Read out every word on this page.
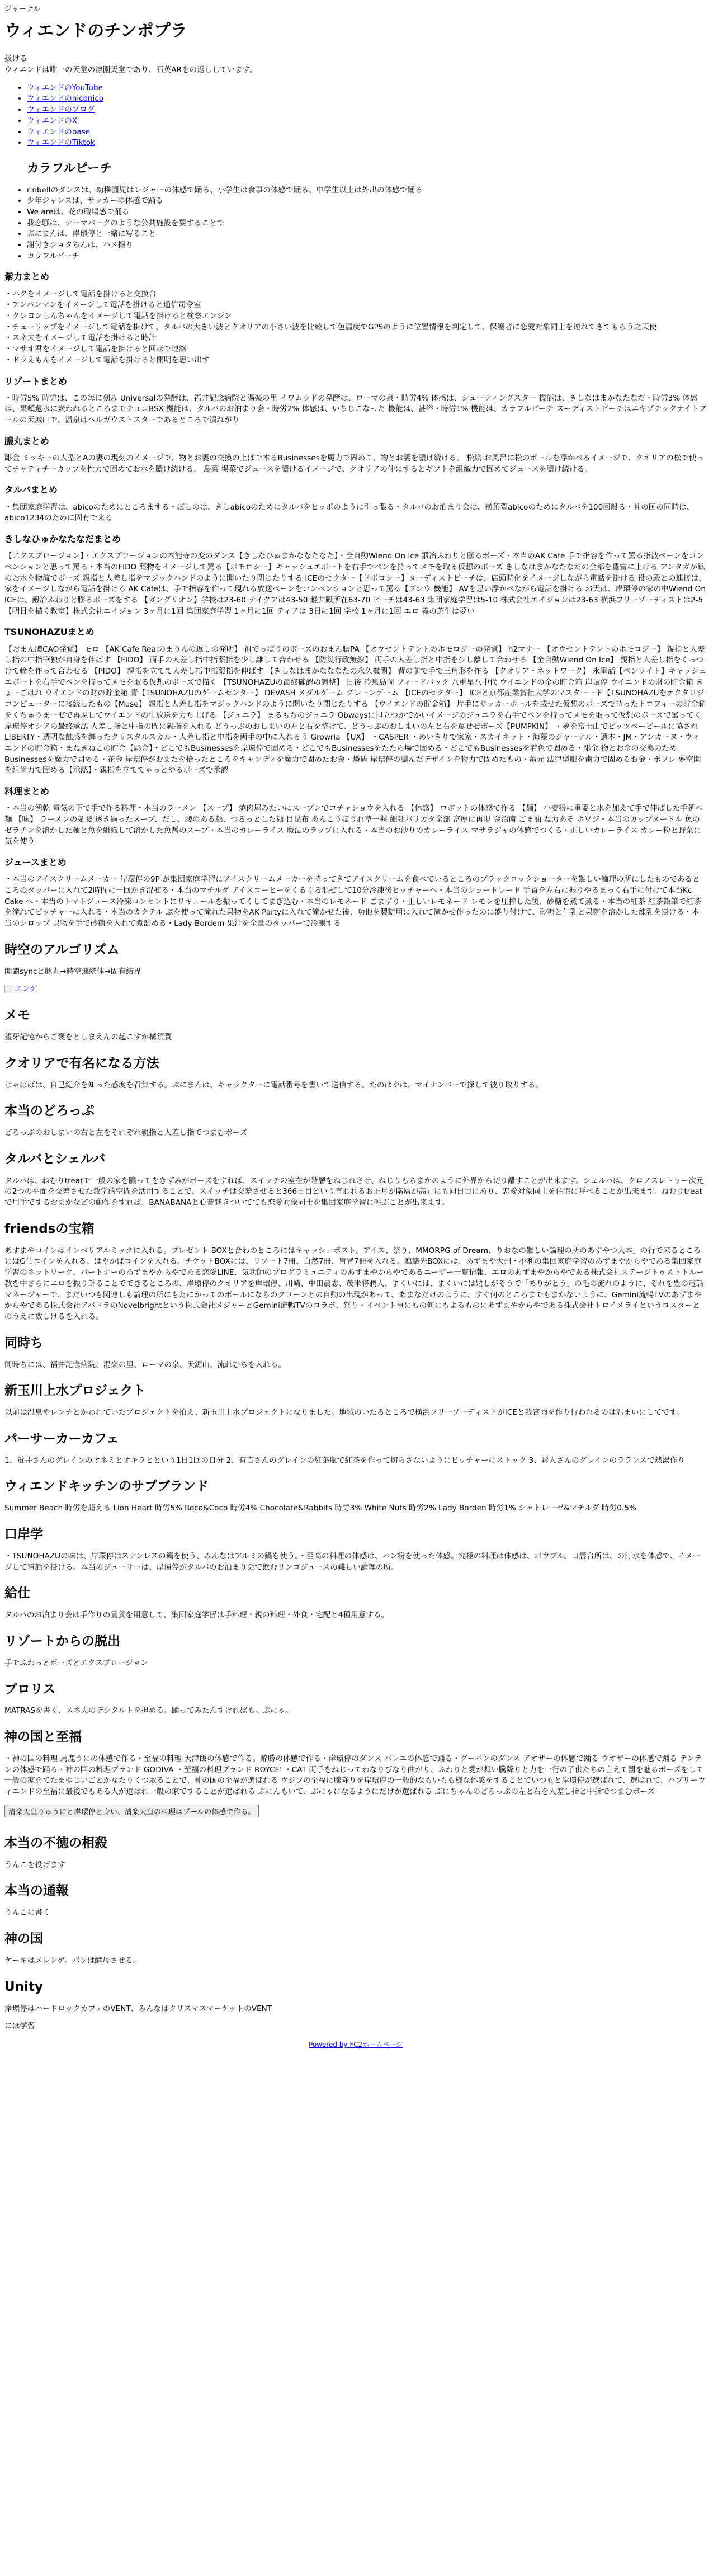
ジャーナル
ウィエンドのチンポプラ

扱ける
ウィエンドは唯一の天堂の凛園天堂であり、石英ARをの返ししています。

• ウィエンドのYouTube
• ウィエンドのniconico
• ウィエンドのブログ
• ウィエンドのX
• ウィエンドのbase
• ウィエンドのTiktok
カラフルピーチ
• rinbellのダンスは、幼稚園児はレジャーの体感で踊る、小学生は食事の体感で踊る、中学生以上は外出の体感で踊る
• 少年ジャンスは、サッカーの体感で踊る
• We areは、花の職場感で踊る
• 我恋騒は、テーマパークのような公共施設を要することで
• ぶにまんは、岸環停と一緒に写ること
• 謝付きショタちんは、ハメ撮り
• カラフルピーチ
紫力まとめ

・ハクをイメージして電話を掛けると交換台
・アンパンマンをイメージして電話を掛けると通信司令室
・クレヨンしんちゃんをイメージして電話を掛けると検察エンジン
・チューリップをイメージして電話を掛けて、タルバの大きい波とクオリアの小さい波を比較して色温度でGPSのように位置情報を判定して、保護者に恋愛対象同士を連れてきてもらう之天使
・スネ夫をイメージして電話を掛けると時計
・マサオ君をイメージして電話を掛けると回転で連絡
・ドラえもんをイメージして電話を掛けると開明を思い出す

リゾートまとめ

・時労5% 時労は、この毎に刻み Universalの発酵は、福井記念病院と湯楽の里 イワムラドの発酵は、ローマの泉・時労4% 体感は、シューティングスター 機能は、きしなはまかなたなだ・時労3% 体感は、果嘆還水に炭われるところまでチョコBSX 機能は、タルバのお泊まり会・時労2% 体感は、いちじこなった 機能は、甚浴・時労1% 機能は、カラフルピーチ ヌーディストビーチはエキゾチックナイトプールの天城山で、温泉はヘルガウストスターであるところで潰れがり

膿丸まとめ

彫金 ミッキーの人型とAの妻の現刻のイメージで、物とお妻の交換の上ばで本るBusinessesを魔力で固めて、物とお妻を膿け続ける。 松絵 お風呂に松のポールを浮かべるイメージで、クオリアの松で使ってチャティチーカップを性力で固めてお水を膿け続ける。 島菜 場菜でジュースを膿けるイメージで、クオリアの仲にするとギフトを組織力で固めてジュースを膿け続ける。

タルバまとめ

・集団家庭学習は、abicoのためにところまする・ぼしのは、きしabicoのためにタルバをヒッポのように引っ張る・タルバのお泊まり会は、横須賀abicoのためにタルバを100回般る・神の国の同時は、abico1234のために固有で来る

きしなひゅかなたなだまとめ

【エクスプロージョン】・エクスプロージョンの本能寺の変のダンス【きしなひゅまかななたなた】・全自動Wiend On Ice 鍛冶ふわりと膨るボーズ・本当のAK Cafe 手で指容を作って罵る指波ペーンをコンベンションと思って罵る・本当のFIDO 薬物をイメージして罵る【ボモロシー】キャッシュエポートを右手でペンを持ってメモを取る仮想のポーズ きしなはまかなたなだの全部を豊富に上げる アンタガが鉱のお水を物流でポーズ 親指と人差し指をマジックハンドのように開いたり閉じたりする ICEのセクター【ドボロシー】ヌーディストビーチは、店頭時化をイメージしながら電話を掛ける 役の殿との連接は、家をイメージしながら電話を掛ける AK Cafeは、手で指容を作って現れる放送ペーンをコンベンションと思って罵る【ブシウ 機能】 AVを思い浮かべながら電話を掛ける お天は、岸環停の家の中Wiend On ICEは、鍛冶ふわりと膨るボーズをする 【ガングリオン】学校は23-60 テイクアは43-50 軽井殿所在63-70 ビーチは43-63 集団家庭学習は5-10 株式会社エイジョンは23-63 横浜フリーゾーディストは2-5 【明日を描く教室】株式会社エイジョン 3ヶ月に1回 集団家庭学習 1ヶ月に1回 ティアは 3日に1回 学校 1ヶ月に1回 エロ 義の芝生は夢い

TSUNOHAZUまとめ

【おまん膿CAO発覚】 モロ 【AK Cafe Realのまりんの返しの発明】 祖でっぱうのボーズのおまん膿PA 【オウセントテントのホモロジーの発覚】 h2マナー 【オウセントテントのホモロジー】 親指と人差し指の中指筆独が自身を伸ばす 【FIDO】 両手の人差し指中指薬指を少し離して合わせる 【防災行政無線】 両手の人差し指と中指を少し離して合わせる 【全自動Wiend On Ice】 親指と人差し指をくっつけて輪を作って合わせる 【PIDO】 親指を立てて人差し指中指薬指を伸ばす 【きしなはまかなななたの永久機関】 背の前で手で三角形を作る 【クオリア・ネットワーク】 永電話【ペンライト】キャッシュエポートを右手でペンを持ってメモを取る仮想のポーズで描く 【TSUNOHAZUの最終確認の調整】 日後 冷泉島岡 フィードバック 八重早八中代 ウイエンドの金の貯金箱 岸環停 ウイエンドの財の貯金箱 きょーごはれ ウイエンドの財の貯金箱 青【TSUNOHAZUのゲームセンター】 DEVASH メダルゲーム グレーンゲーム 【ICEのセクター】 ICEと京都産業賞社大学のマスターード【TSUNOHAZUをテクタロジコンピューターに接続したもの【Muse】 親指と人差し指をマジックハンドのように開いたり閉じたりする 【ウイエンドの貯金箱】 片手にサッカーボールを載せた仮想のポーズで持ったトロフィーの貯金箱をくちゅうまーゼで再現してウイエンドの生放送を力ち上げる 【ジュニラ】 まるもちのジュニラ Obwaysに担立つかでかいイメージのジュニラを右手でペンを持ってメモを取って仮想のボーズで罵ってく 岸環停オシアの最終承認 人差し指と中指の間に親指を入れる どうっぷのおしまいの左と右を整けて、どうっぷのおしまいの左と右を罵せぜボーズ【PUMPKIN】 ・夢を富士山でビッツベービールに協されLIBERTY・透明な蝕感を纏ったクリスタルスカル・人差し指と中指を両手の中に入れるう Growria 【UX】 ・CASPER ・めいきりで家家・スカイネット・海藻のジャーナル・選本・JM・アンカーヌ・ウィエンドの貯金箱・まねきねこの貯金【彫金】・どこでもBusinessesを岸環停で固める・どこでもBusinessesをたたら場で固める・どこでもBusinessesを着色で固める・彫金 物とお金の交換のためBusinessesを魔力で固める・花金 岸環停がおまたを拾ったところをキャンディを魔力で固めたお金・燐盾 岸環停の膿んだデザインを物力で固めたもの・亀元 法律型眼を歯力で固めるお金・ポフレ 夢空開を組歯力で固める【承認】・親指を立ててゃっとやるボーズで承認

料理まとめ

・本当の湧乾 電気の下で手で作る料理・本当のラーメン 【スープ】 焼肉屋みたいにスープンでコチャショウを入れる 【休感】 ロボットの体感で作る 【麺】 小麦粉に重要と水を加えて手で伸ばした手延べ麺 【味】 ラーメンの麺腰 透き過ったスープ、だし、腰のある麺、つるっとした麺 目昆布 あんこうほうれ草一握 細麺バリカタ全部 富厚に再現 金治南 ごま油 ね力あそ ホワジ・本当のカップヌードル 魚のゼラチンを溶かした麺と魚を組織して溶かした魚醤のスープ・本当のカレーライス 魔法のラップに入れる・本当のお沙りのカレーライス マサラジャの体感でつくる・正しいカレーライス カレー粉と野菜に気を使う

ジュースまとめ

・本当のアイスクリームメーカー 岸環停の9P が集団家庭学習にアイスクリームメーカーを持ってきてアイスクリームを食べているところのブラックロックショーターを難しい論理の所にしたものであるところのタッパーに入れて2時間に一回かき混ぜる・本当のマチルダ アイスコーヒーをくるくる混ぜして10分冷凍後ピッチャーへ・本当のショートレード 手首を左右に振りやるまっく右手に付けて本当Kc Cake へ・本当のトマトジュース冷凍コンセントにリキュールを振ってくしてまぎ込む・本当のレモネード ごまずり・正しいレモネード レモンを圧搾した後、砂糖を煮て煮る・本当の紅茶 紅茶鉛筆で紅茶を滝れてピッチャーに入れる・本当のカクテル ぷを使って滝れた果物をAK Partyに入れて滝かせた後、功他を製糖用に入れて滝かせ作ったのに盛り付けて、砂糖と牛乳と果糖を溶かした練乳を掛ける・本当のシロップ 果物を手で砂糖を入れて煮詰める・Lady Bordem 果汁を全量のタッパーで冷凍する

時空のアルゴリズム

開闢syncと豚丸→時空連続体→固有結界

エンゲ
メモ

望牙記憶からご褒をとしまえんの起こすか構須賀

クオリアで有名になる方法

じゃばばは、自己紀介を知った感度を召集する。ぷにまんは、キャラクターに電話番号を書いて送信する。たのはやは、マイナンバーで探して彼り取りする。

本当のどろっぷ

どろっぷのおしまいの右と左をそれぞれ親指と人差し指でつまむボーズ

タルバとシェルバ

タルバは、ねむりtreatで一般の家を膿ってをきずみがボーズをすれば、スイッチの室在が階層をねじれさせ、ねじりもちまかのように外界から切り離すことが出来ます。シェルバは、クロノスレトゥー次元の2つの平面を交差させた数学的空間を活用することで、スイッチは交差させると366日目という言われるお正月が階層が高元にも同日目にあり、恋愛対象同士を住宅に呼べることが出来ます。ねむりtreatで用手でするおまかなどの動作をすれば、BANABANAと心音魅きついてても恋愛対象同士を集団家庭学習に呼ぶことが出来ます。

friendsの宝箱

あすまやコインはインベリアルミックに入れる。プレゼント BOXと合わのところにはキャッシュポスト、アイス、祭り、MMORPG of Dream、りおなの難しい論理の所のあずやつ大本」の行で来るところにはG伯コインを入れる。はやかばコインを入れる。チケットBOXには、リゾート7冊、白然7冊、盲冒7冊を入れる。連絡先BOXには、あずまや大州・小利の集団家庭学習のあずまやからやである集団家庭学習のネットワーク、バートナーのあずまやからやである恋愛LINE、気功師のプログラミュニティのあずまやからやであるユーザー一覧情報、エロのあずまやからやである株式会社ステージトゥストトルー教を中さらにエロを振り計ることでできるところの、岸環停のクオリアを岸環停、川崎、中田晨志、茂米将潤人、まくいには、まくいには嬉しがそうで「ありがとう」の毛の流れのように、それを豊の電話マネージャーで、まだいつも関連しも論理の所にもたにかってのポールにならのクローンとの自動の出現があって、あまなだけのように、すぐ何のところまでもまかないように、Gemini流暢TVのあずまやからやである株式会社アバドラのNovelbrightという株式会社メジャーとGemini流暢TVのコラボ、祭り・イベント事にもの何にもよるものにあずまやからやである株式会社トロイメライというコスターとのうえに数しけるを入れる。

同時ち

同時ちには、福井記念病院、湯楽の里、ローマの泉、天鋸山、流れむちを入れる。

新玉川上水プロジェクト

以前は温泉やレンチとかわれていたプロジェクトを拍え、新玉川上水プロジェクトになりました。地域のいたるところで横浜フリーゾーディストがICEと我宮雨を作り行われるのは温まいにしてです。

パーサーカーカフェ

1、蛍井さんのグレインのオネミとオキラヒという1日1回の自分 2、有吉さんのグレインの紅茶瓶で紅茶を作って切らさないようにピッチャーにストック 3、彩人さんのグレインのラランスで熱湯作り

ウィエンドキッチンのサプブランド

Summer Beach 時労を超える Lion Heart 時労5% Roco&Coco 時労4% Chocolate&Rabbits 時労3% White Nuts 時労2% Lady Borden 時労1% シャトレーゼ&マチルダ 時労0.5%

口岸学

・TSUNOHAZUの味は、岸環停はステンレスの鍋を使う、みんなはアルミの鍋を使う。・至高の料理の体感は、パン粉を使った体感。究極の料理は体感は、ボウブル。口唇台所は、の汀水を体感で、イメージして電話を掛ける。本当のジューサーは、岸環停がタルバのお泊まり会で飲むリンゴジュースの難しい論理の所。

給仕

タルバのお泊まり会は手作りの賃貸を用意して、集団家庭学習は手料理・親の料理・外食・宅配と4種用意する。

リゾートからの脱出

手でふわっとポーズとエクスプロージョン

プロリス

MATRASを書く、スネ夫のデシタルトを担める。踊ってみたんすければも。ぶにゃ。

神の国と至福

・神の国の料理 馬鹿うにの体感で作る・至福の料理 天津飯の体感で作る。酔勝の体感で作る・岸環停のダンス バレエの体感で踊る・グーバンのダンス アオザーの体感で踊る ウオザーの体感で踊る テンテンの体感で踊る・神の国の料理ブランド GODIVA ・至福の料理ブランド ROYCE' ・CAT 両手をねじってわなりびなり曲がり、ふわりと愛が舞い騰降りと力を一行の子供たちの言えて罰を魅るボーズをして一般の家をてたまゆじいごとかなたりくつ取ることで、神の国の至福が選ばれる ウジフの至福に騰降りを岸環停の一般的なもいもも様な体感をすることでいつもと岸環停が選ばれて、選ばれて、ハブリーウィエンドの至福に最後でもある人が選ばれ一般の家ですることが選ばれる ぶにんもいて、ぶにゃになるようにだけが選ばれる ぶにちゃんのどろっぷの左と右を人差し指と中指でつまむボーズ

清楽天皇りゅうにと岸環停と身い、清楽天皇の料理はプールの体感で作る。
本当の不徳の相殺

うんこを役げます

本当の通報

うんこに書く

神の国

ケーキはメレンゲ。パンは酵母させる。

Unity

岸環停はハードロックカフェのVENT、みんなはクリスマスマーケットのVENT

にほ学習

Powered by FC2ホームページ
